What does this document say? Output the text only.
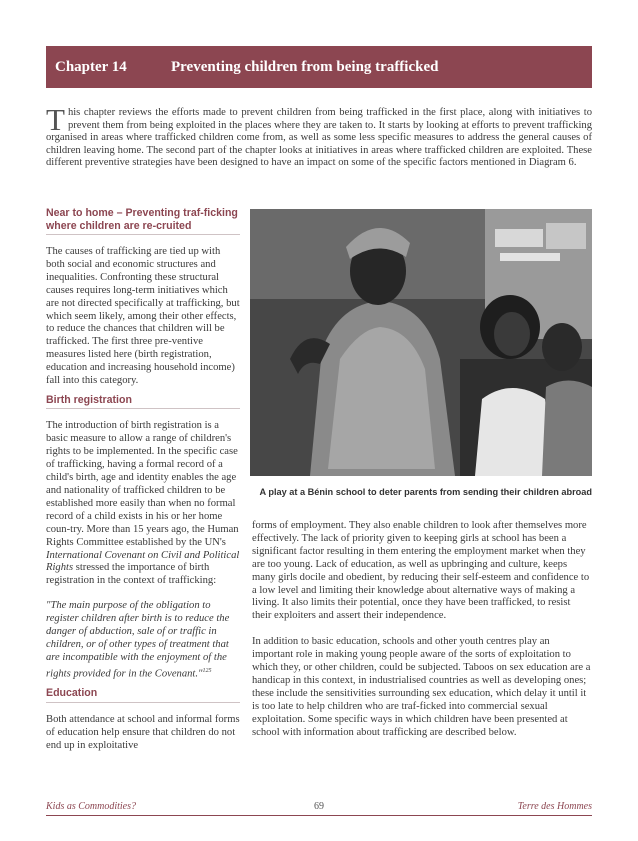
Chapter 14	Preventing children from being trafficked
This chapter reviews the efforts made to prevent children from being trafficked in the first place, along with initiatives to prevent them from being exploited in the places where they are taken to. It starts by looking at efforts to prevent trafficking organised in areas where trafficked children come from, as well as some less specific measures to address the general causes of children leaving home. The second part of the chapter looks at initiatives in areas where trafficked children are exploited. These different preventive strategies have been designed to have an impact on some of the specific factors mentioned in Diagram 6.
Near to home – Preventing traf-ficking where children are re-cruited

The causes of trafficking are tied up with both social and economic structures and inequalities. Confronting these structural causes requires long-term initiatives which are not directed specifically at trafficking, but which seem likely, among their other effects, to reduce the chances that children will be trafficked. The first three pre-ventive measures listed here (birth registration, education and increasing household income) fall into this category.

Birth registration

The introduction of birth registration is a basic measure to allow a range of children's rights to be implemented. In the specific case of trafficking, having a formal record of a child's birth, age and identity enables the age and nationality of trafficked children to be established more easily than when no formal record of a child exists in his or her home coun-try. More than 15 years ago, the Human Rights Committee established by the UN's International Covenant on Civil and Political Rights stressed the importance of birth registration in the context of trafficking:

"The main purpose of the obligation to register children after birth is to reduce the danger of abduction, sale of or traffic in children, or of other types of treatment that are incompatible with the enjoyment of the rights provided for in the Covenant."$^{125}$

Education

Both attendance at school and informal forms of education help ensure that children do not end up in exploitative

A play at a Bénin school to deter parents from sending their children abroad

forms of employment. They also enable children to look after themselves more effectively. The lack of priority given to keeping girls at school has been a significant factor resulting in them entering the employment market when they are too young. Lack of education, as well as upbringing and culture, keeps many girls docile and obedient, by reducing their self-esteem and confidence to a low level and limiting their knowledge about alternative ways of making a living. It also limits their potential, once they have been trafficked, to resist their exploiters and assert their independence.

In addition to basic education, schools and other youth centres play an important role in making young people aware of the sorts of exploitation to which they, or other children, could be subjected. Taboos on sex education are a handicap in this context, in industrialised countries as well as developing ones; these include the sensitivities surrounding sex education, which delay it until it is too late to help children who are traf-ficked into commercial sexual exploitation. Some specific ways in which children have been presented at school with information about trafficking are described below.

69
Kids as Commodities?	Terre des Hommes
